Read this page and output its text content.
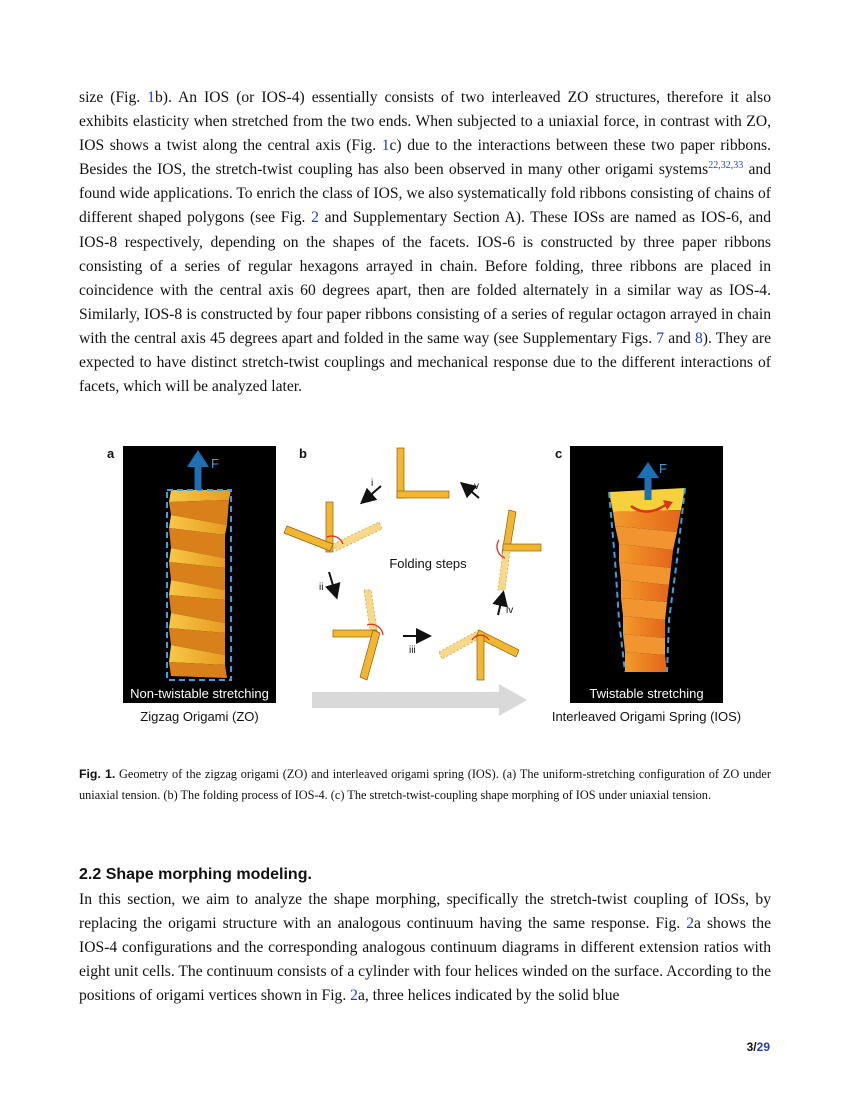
size (Fig. 1b). An IOS (or IOS-4) essentially consists of two interleaved ZO structures, therefore it also exhibits elasticity when stretched from the two ends. When subjected to a uniaxial force, in contrast with ZO, IOS shows a twist along the central axis (Fig. 1c) due to the interactions between these two paper ribbons. Besides the IOS, the stretch-twist coupling has also been observed in many other origami systems$^{22,32,33}$ and found wide applications. To enrich the class of IOS, we also systematically fold ribbons consisting of chains of different shaped polygons (see Fig. 2 and Supplementary Section A). These IOSs are named as IOS-6, and IOS-8 respectively, depending on the shapes of the facets. IOS-6 is constructed by three paper ribbons consisting of a series of regular hexagons arrayed in chain. Before folding, three ribbons are placed in coincidence with the central axis 60 degrees apart, then are folded alternately in a similar way as IOS-4. Similarly, IOS-8 is constructed by four paper ribbons consisting of a series of regular octagon arrayed in chain with the central axis 45 degrees apart and folded in the same way (see Supplementary Figs. 7 and 8). They are expected to have distinct stretch-twist couplings and mechanical response due to the different interactions of facets, which will be analyzed later.

a	b	c
F
Non-twistable stretching
Zigzag Origami (ZO)
i
ii
iii
iv
v
Folding steps
F
Twistable stretching
Interleaved Origami Spring (IOS)

Fig. 1. Geometry of the zigzag origami (ZO) and interleaved origami spring (IOS). (a) The uniform-stretching configuration of ZO under uniaxial tension. (b) The folding process of IOS-4. (c) The stretch-twist-coupling shape morphing of IOS under uniaxial tension.

2.2 Shape morphing modeling.

In this section, we aim to analyze the shape morphing, specifically the stretch-twist coupling of IOSs, by replacing the origami structure with an analogous continuum having the same response. Fig. 2a shows the IOS-4 configurations and the corresponding analogous continuum diagrams in different extension ratios with eight unit cells. The continuum consists of a cylinder with four helices winded on the surface. According to the positions of origami vertices shown in Fig. 2a, three helices indicated by the solid blue

3/29
